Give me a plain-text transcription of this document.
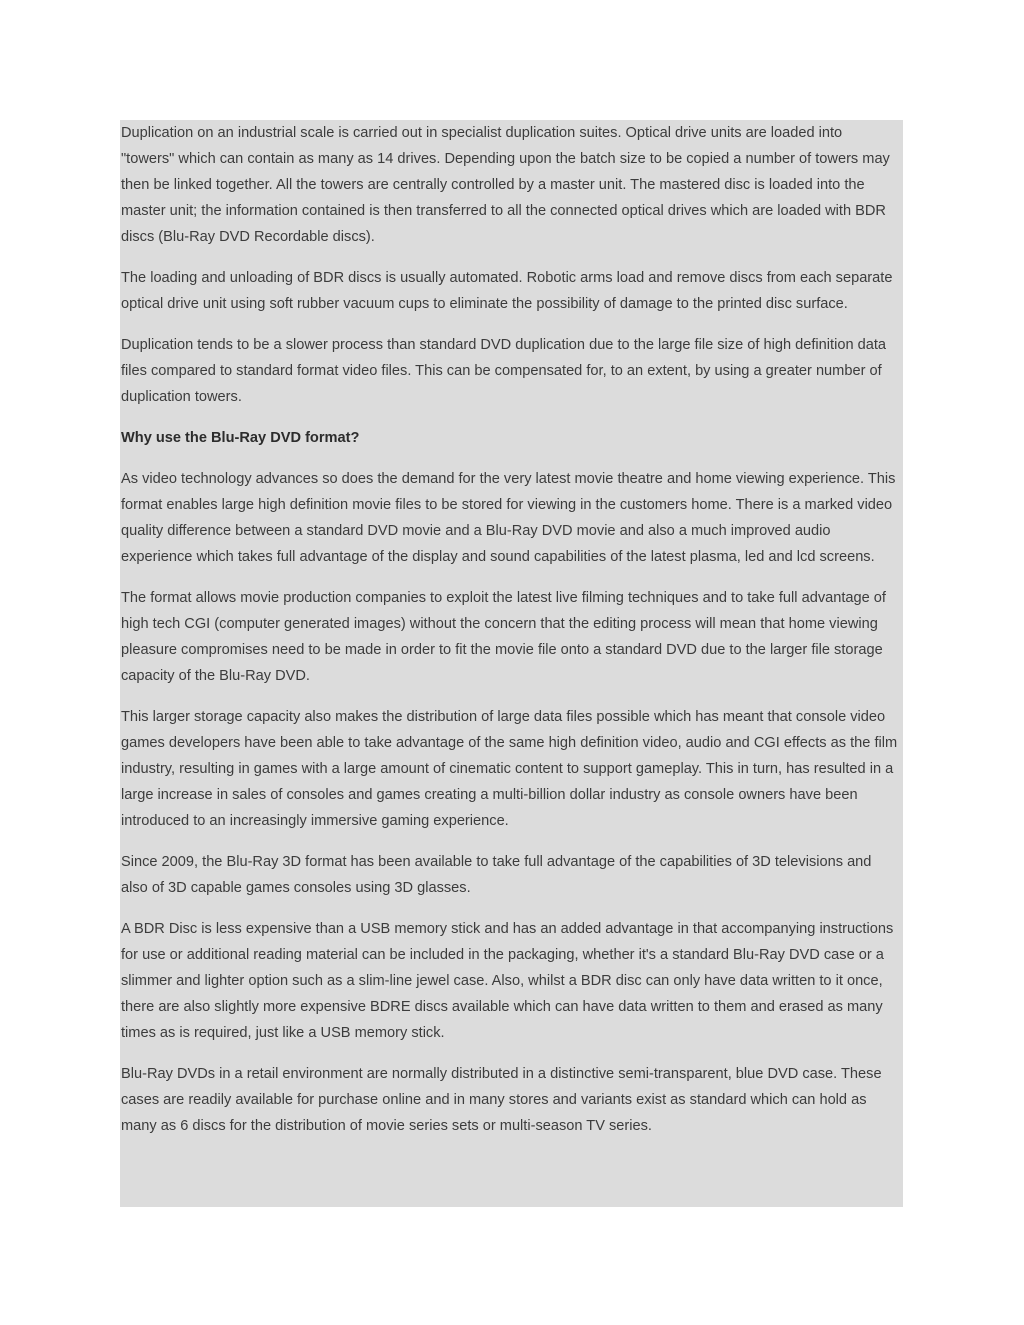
Duplication on an industrial scale is carried out in specialist duplication suites. Optical drive units are loaded into "towers" which can contain as many as 14 drives. Depending upon the batch size to be copied a number of towers may then be linked together. All the towers are centrally controlled by a master unit. The mastered disc is loaded into the master unit; the information contained is then transferred to all the connected optical drives which are loaded with BDR discs (Blu-Ray DVD Recordable discs).

The loading and unloading of BDR discs is usually automated. Robotic arms load and remove discs from each separate optical drive unit using soft rubber vacuum cups to eliminate the possibility of damage to the printed disc surface.

Duplication tends to be a slower process than standard DVD duplication due to the large file size of high definition data files compared to standard format video files. This can be compensated for, to an extent, by using a greater number of duplication towers.

Why use the Blu-Ray DVD format?

As video technology advances so does the demand for the very latest movie theatre and home viewing experience. This format enables large high definition movie files to be stored for viewing in the customers home. There is a marked video quality difference between a standard DVD movie and a Blu-Ray DVD movie and also a much improved audio experience which takes full advantage of the display and sound capabilities of the latest plasma, led and lcd screens.

The format allows movie production companies to exploit the latest live filming techniques and to take full advantage of high tech CGI (computer generated images) without the concern that the editing process will mean that home viewing pleasure compromises need to be made in order to fit the movie file onto a standard DVD due to the larger file storage capacity of the Blu-Ray DVD.

This larger storage capacity also makes the distribution of large data files possible which has meant that console video games developers have been able to take advantage of the same high definition video, audio and CGI effects as the film industry, resulting in games with a large amount of cinematic content to support gameplay. This in turn, has resulted in a large increase in sales of consoles and games creating a multi-billion dollar industry as console owners have been introduced to an increasingly immersive gaming experience.

Since 2009, the Blu-Ray 3D format has been available to take full advantage of the capabilities of 3D televisions and also of 3D capable games consoles using 3D glasses.

A BDR Disc is less expensive than a USB memory stick and has an added advantage in that accompanying instructions for use or additional reading material can be included in the packaging, whether it's a standard Blu-Ray DVD case or a slimmer and lighter option such as a slim-line jewel case. Also, whilst a BDR disc can only have data written to it once, there are also slightly more expensive BDRE discs available which can have data written to them and erased as many times as is required, just like a USB memory stick.

Blu-Ray DVDs in a retail environment are normally distributed in a distinctive semi-transparent, blue DVD case. These cases are readily available for purchase online and in many stores and variants exist as standard which can hold as many as 6 discs for the distribution of movie series sets or multi-season TV series.
